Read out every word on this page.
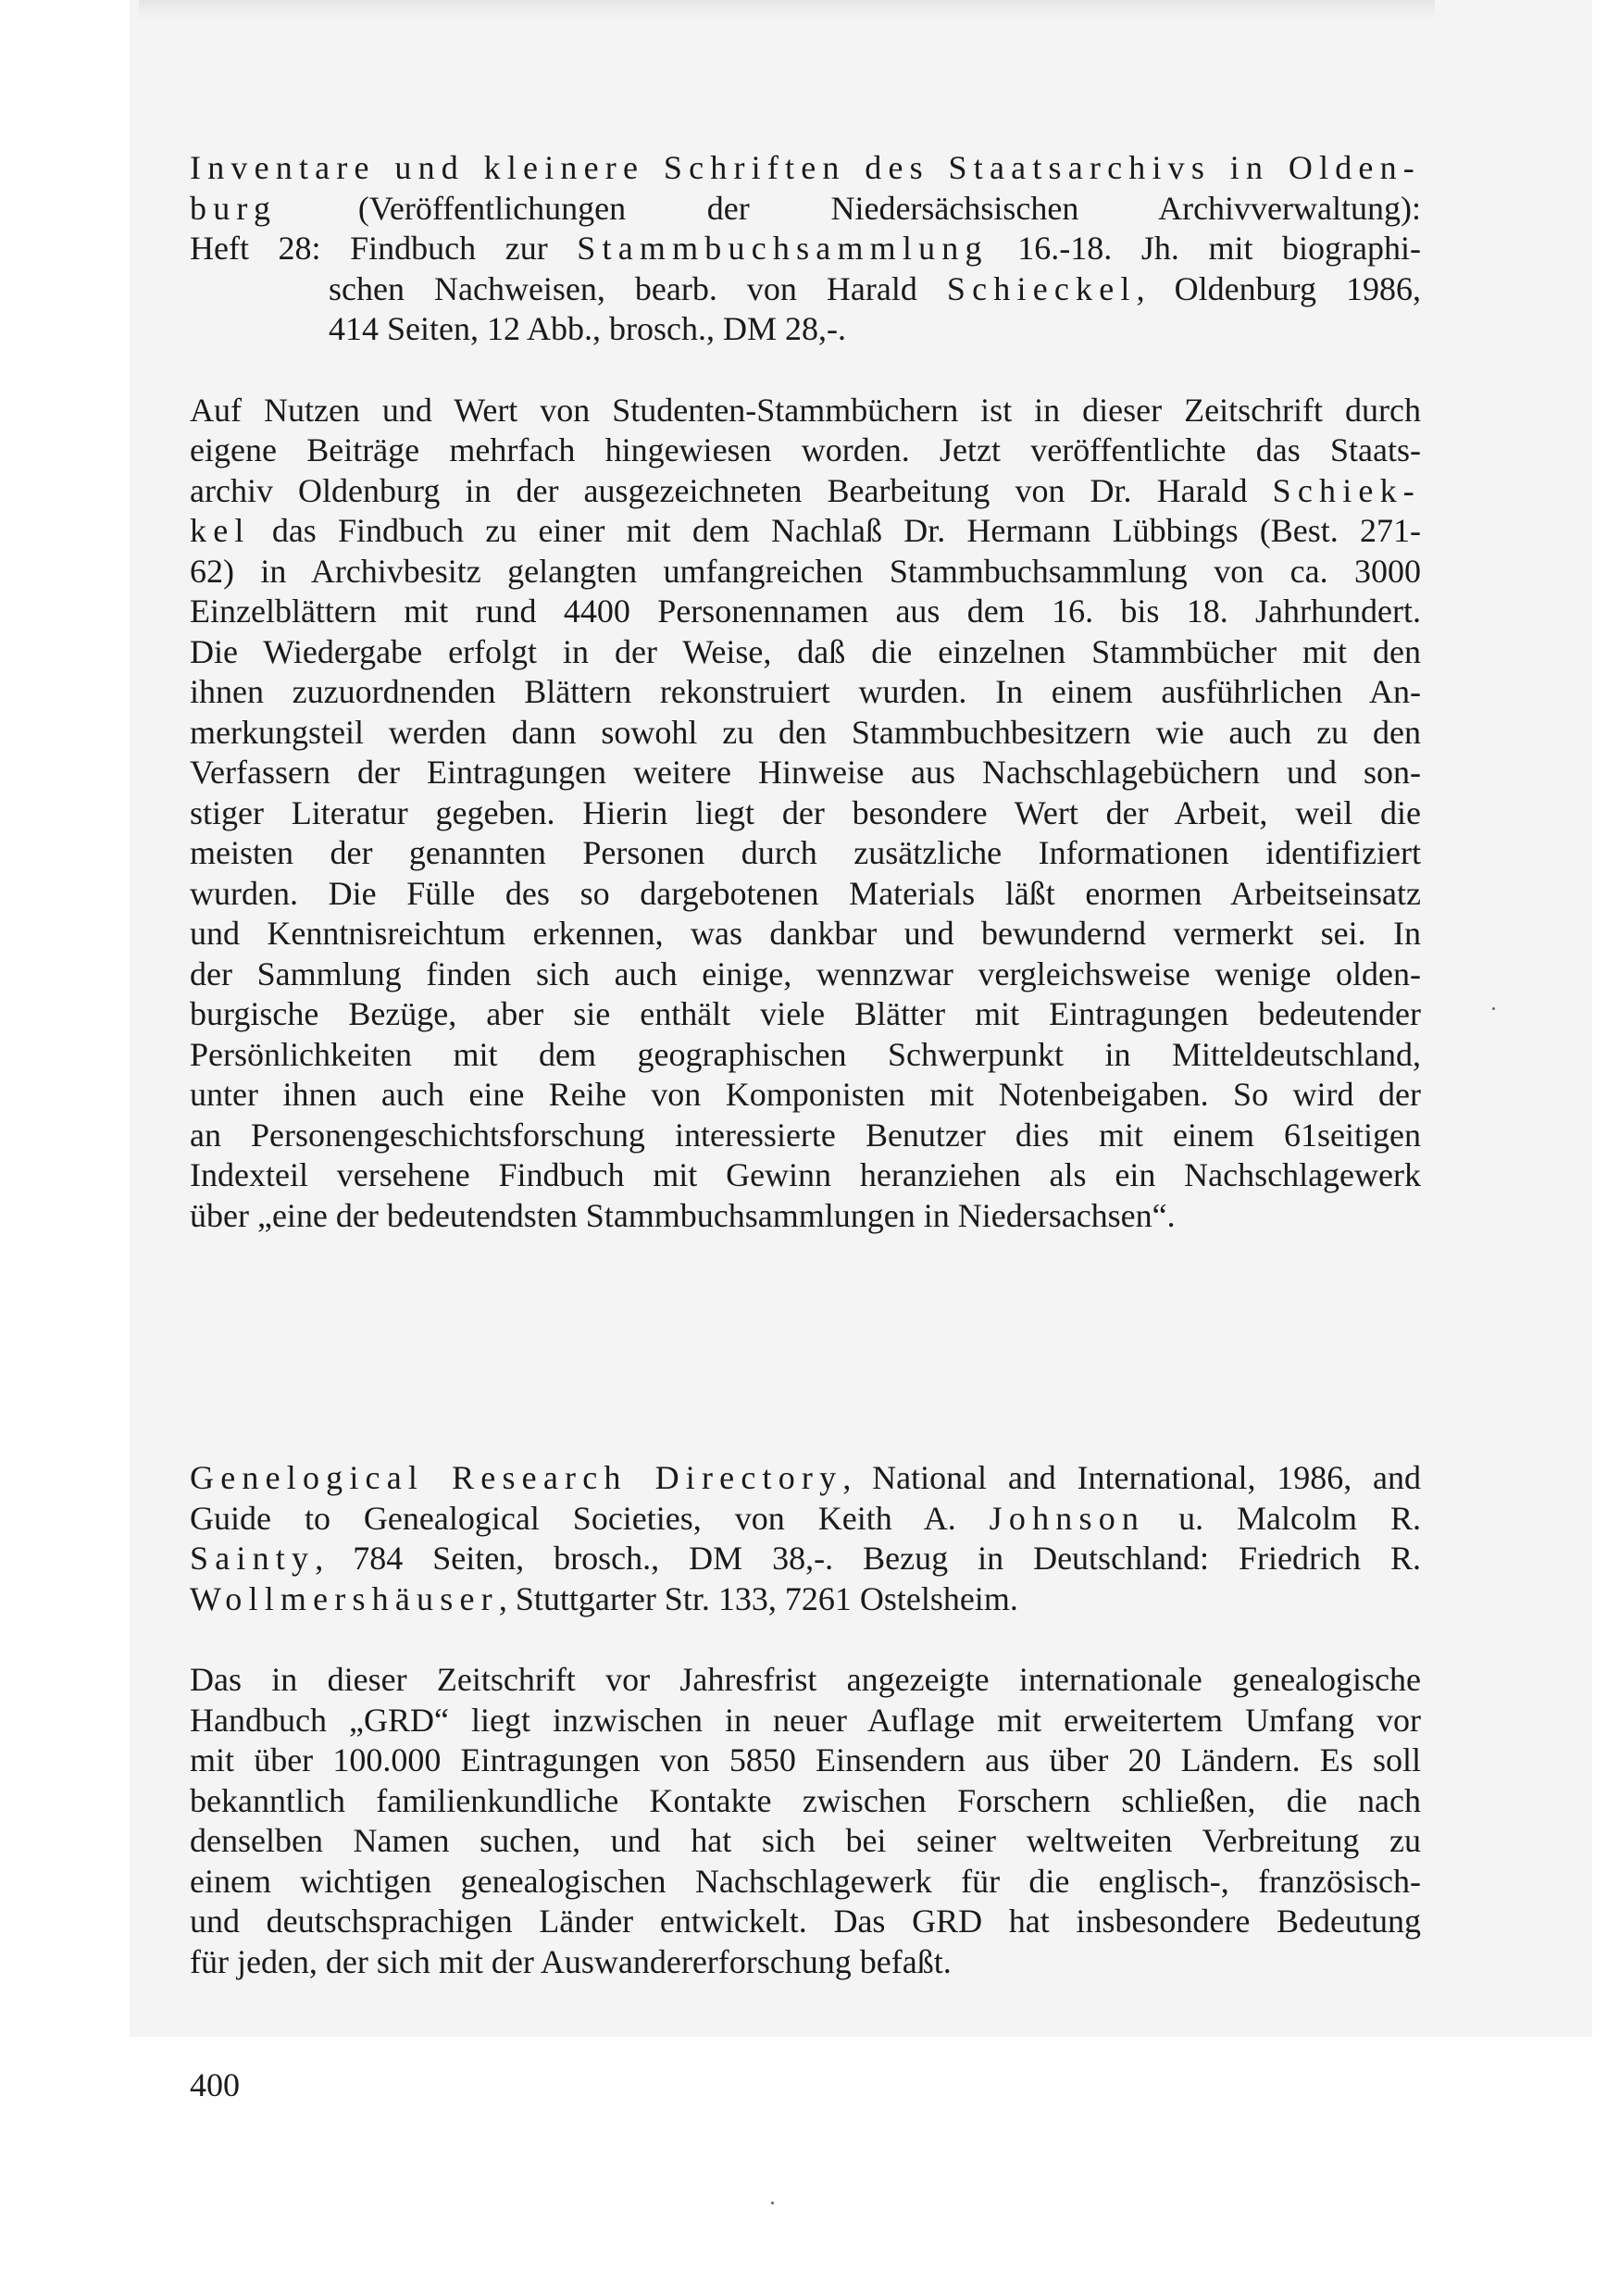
Inventare und kleinere Schriften des Staatsarchivs in Olden-
burg (Veröffentlichungen der Niedersächsischen Archivverwaltung):
Heft 28: Findbuch zur Stammbuchsammlung 16.-18. Jh. mit biographi-
schen Nachweisen, bearb. von Harald Schieckel, Oldenburg 1986,
414 Seiten, 12 Abb., brosch., DM 28,-.
Auf Nutzen und Wert von Studenten-Stammbüchern ist in dieser Zeitschrift durch
eigene Beiträge mehrfach hingewiesen worden. Jetzt veröffentlichte das Staats-
archiv Oldenburg in der ausgezeichneten Bearbeitung von Dr. Harald Schiek-
kel das Findbuch zu einer mit dem Nachlaß Dr. Hermann Lübbings (Best. 271-
62) in Archivbesitz gelangten umfangreichen Stammbuchsammlung von ca. 3000
Einzelblättern mit rund 4400 Personennamen aus dem 16. bis 18. Jahrhundert.
Die Wiedergabe erfolgt in der Weise, daß die einzelnen Stammbücher mit den
ihnen zuzuordnenden Blättern rekonstruiert wurden. In einem ausführlichen An-
merkungsteil werden dann sowohl zu den Stammbuchbesitzern wie auch zu den
Verfassern der Eintragungen weitere Hinweise aus Nachschlagebüchern und son-
stiger Literatur gegeben. Hierin liegt der besondere Wert der Arbeit, weil die
meisten der genannten Personen durch zusätzliche Informationen identifiziert
wurden. Die Fülle des so dargebotenen Materials läßt enormen Arbeitseinsatz
und Kenntnisreichtum erkennen, was dankbar und bewundernd vermerkt sei. In
der Sammlung finden sich auch einige, wennzwar vergleichsweise wenige olden-
burgische Bezüge, aber sie enthält viele Blätter mit Eintragungen bedeutender
Persönlichkeiten mit dem geographischen Schwerpunkt in Mitteldeutschland,
unter ihnen auch eine Reihe von Komponisten mit Notenbeigaben. So wird der
an Personengeschichtsforschung interessierte Benutzer dies mit einem 61seitigen
Indexteil versehene Findbuch mit Gewinn heranziehen als ein Nachschlagewerk
über „eine der bedeutendsten Stammbuchsammlungen in Niedersachsen“.
Genelogical Research Directory, National and International, 1986, and
Guide to Genealogical Societies, von Keith A. Johnson u. Malcolm R.
Sainty, 784 Seiten, brosch., DM 38,-. Bezug in Deutschland: Friedrich R.
Wollmershäuser, Stuttgarter Str. 133, 7261 Ostelsheim.
Das in dieser Zeitschrift vor Jahresfrist angezeigte internationale genealogische
Handbuch „GRD“ liegt inzwischen in neuer Auflage mit erweitertem Umfang vor
mit über 100.000 Eintragungen von 5850 Einsendern aus über 20 Ländern. Es soll
bekanntlich familienkundliche Kontakte zwischen Forschern schließen, die nach
denselben Namen suchen, und hat sich bei seiner weltweiten Verbreitung zu
einem wichtigen genealogischen Nachschlagewerk für die englisch-, französisch-
und deutschsprachigen Länder entwickelt. Das GRD hat insbesondere Bedeutung
für jeden, der sich mit der Auswandererforschung befaßt.
400
